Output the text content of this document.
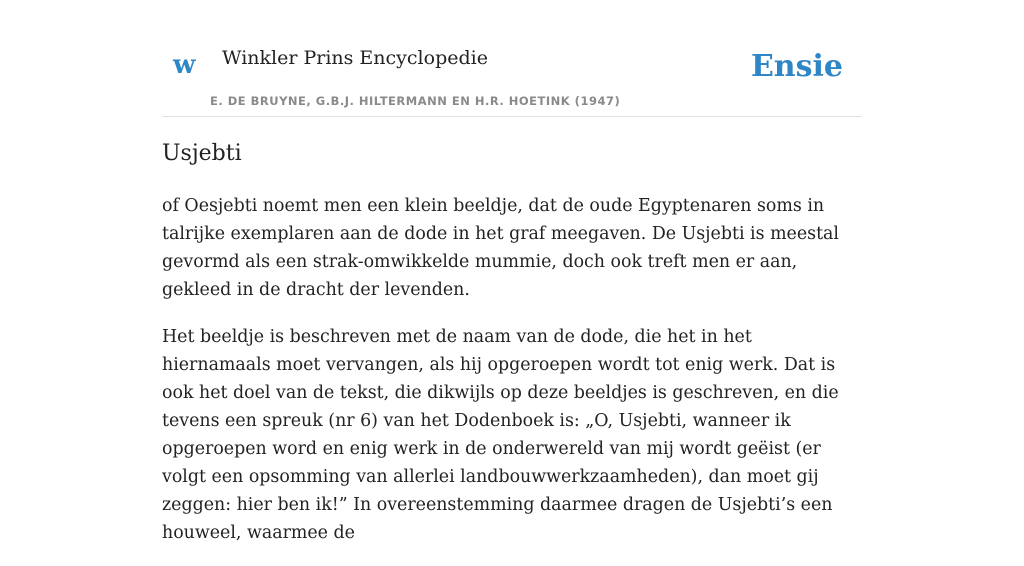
w Winkler Prins Encyclopedie
E. DE BRUYNE, G.B.J. HILTERMANN EN H.R. HOETINK (1947)
Ensie
Usjebti

of Oesjebti noemt men een klein beeldje, dat de oude Egyptenaren soms in talrijke exemplaren aan de dode in het graf meegaven. De Usjebti is meestal gevormd als een strak-omwikkelde mummie, doch ook treft men er aan, gekleed in de dracht der levenden.

Het beeldje is beschreven met de naam van de dode, die het in het hiernamaals moet vervangen, als hij opgeroepen wordt tot enig werk. Dat is ook het doel van de tekst, die dikwijls op deze beeldjes is geschreven, en die tevens een spreuk (nr 6) van het Dodenboek is: „O, Usjebti, wanneer ik opgeroepen word en enig werk in de onderwereld van mij wordt geëist (er volgt een opsomming van allerlei landbouwwerkzaamheden), dan moet gij zeggen: hier ben ik!” In overeenstemming daarmee dragen de Usjebti’s een houweel, waarmee de
